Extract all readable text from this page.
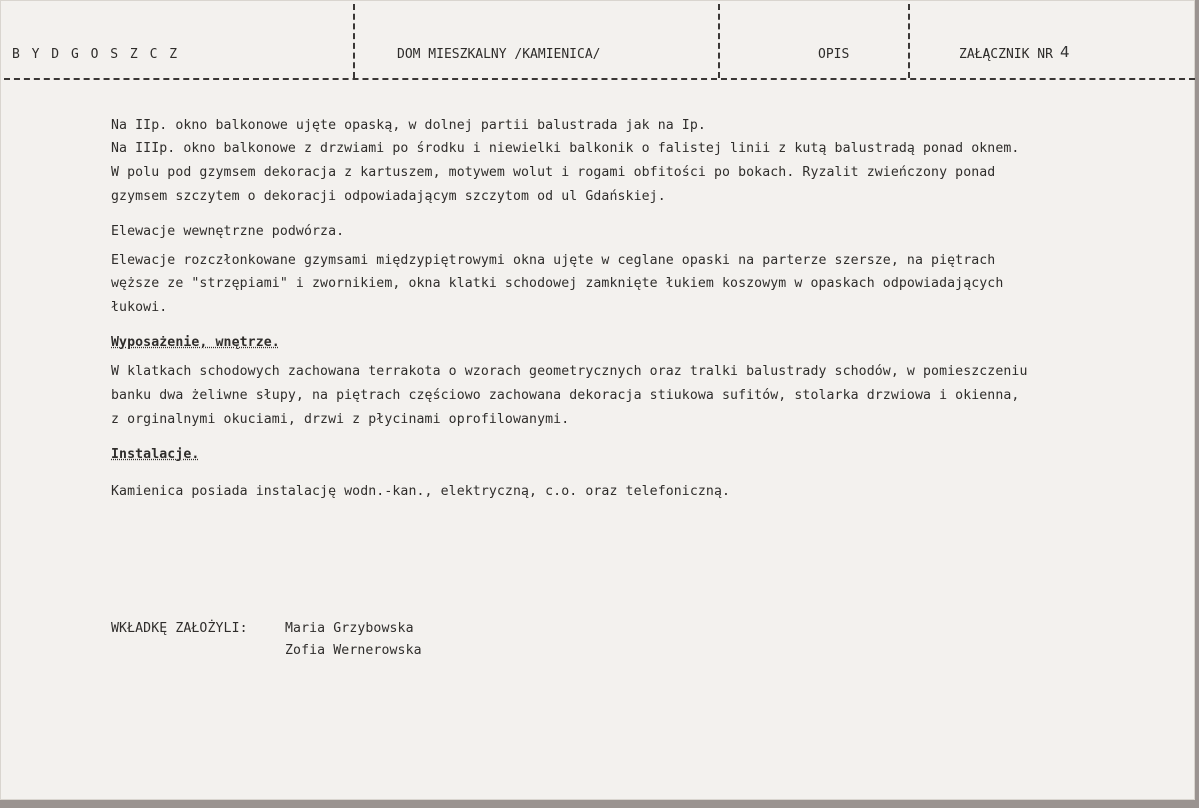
B Y D G O S Z C Z	DOM MIESZKALNY /KAMIENICA/	OPIS	ZAŁĄCZNIK NR 4
Na IIp. okno balkonowe ujęte opaską, w dolnej partii balustrada jak na Ip.
Na IIIp. okno balkonowe z drzwiami po środku i niewielki balkonik o falistej linii z kutą balustradą ponad oknem.
W polu pod gzymsem dekoracja z kartuszem, motywem wolut i rogami obfitości po bokach. Ryzalit zwieńczony ponad
gzymsem szczytem o dekoracji odpowiadającym szczytom od ul Gdańskiej.
Elewacje wewnętrzne podwórza.
Elewacje rozczłonkowane gzymsami międzypiętrowymi okna ujęte w ceglane opaski na parterze szersze, na piętrach
węższe ze "strzępiami" i zwornikiem, okna klatki schodowej zamknięte łukiem koszowym w opaskach odpowiadających
łukowi.
Wyposażenie, wnętrze.
W klatkach schodowych zachowana terrakota o wzorach geometrycznych oraz tralki balustrady schodów, w pomieszczeniu
banku dwa żeliwne słupy, na piętrach częściowo zachowana dekoracja stiukowa sufitów, stolarka drzwiowa i okienna,
z orginalnymi okuciami, drzwi z płycinami oprofilowanymi.
Instalacje.
Kamienica posiada instalację wodn.-kan., elektryczną, c.o. oraz telefoniczną.
WKŁADKĘ ZAŁOŻYLI:	Maria Grzybowska
Zofia Wernerowska
